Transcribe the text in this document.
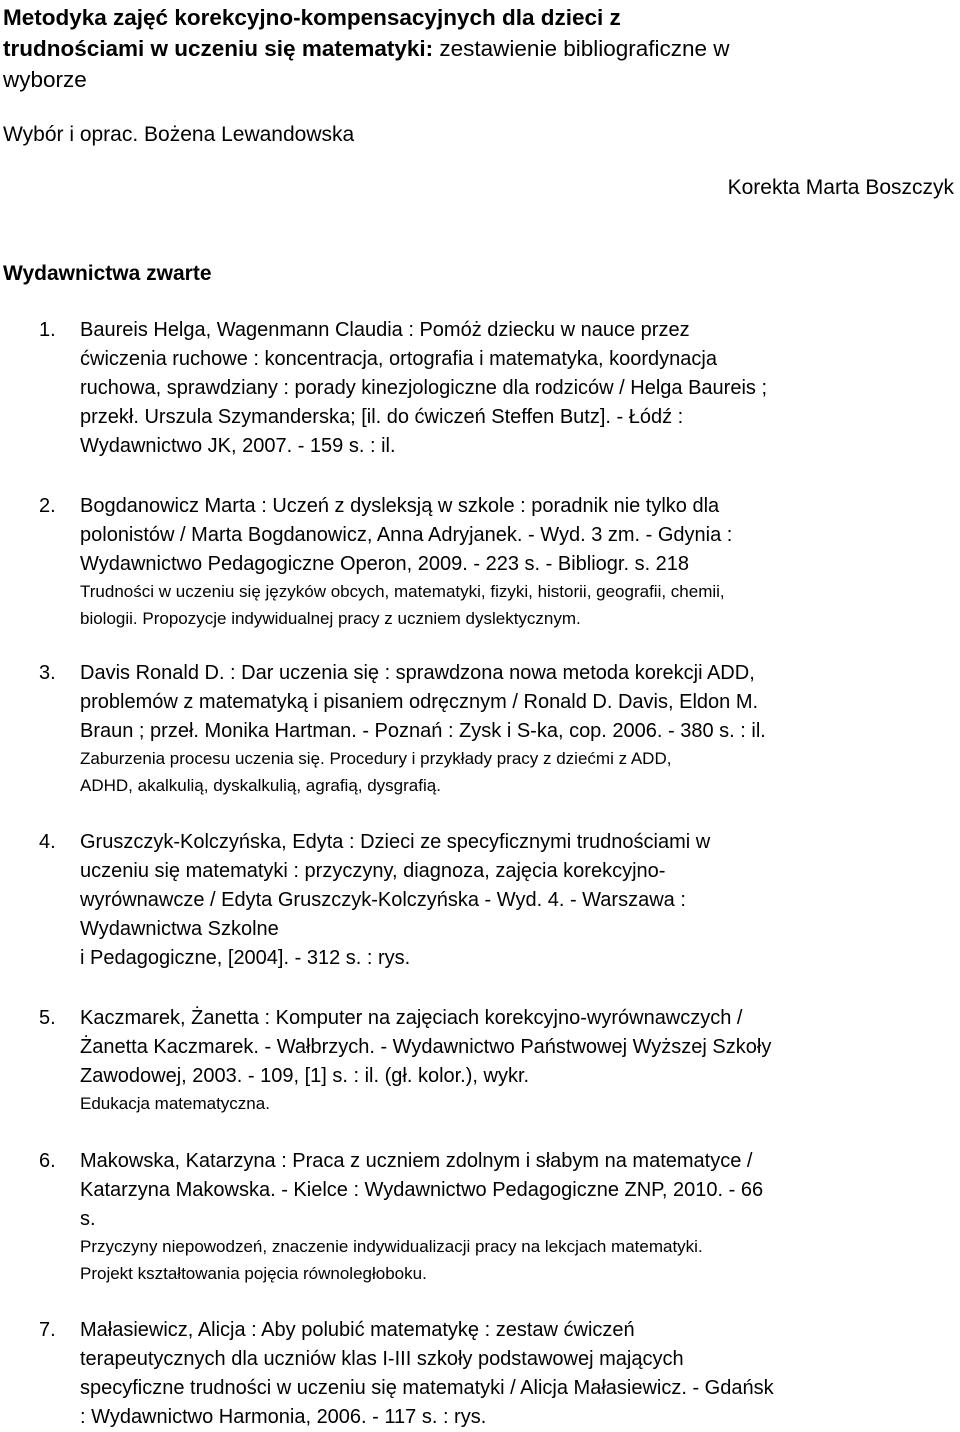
Metodyka zajęć korekcyjno-kompensacyjnych dla dzieci z
trudnościami w uczeniu się matematyki: zestawienie bibliograficzne w
wyborze
Wybór i oprac. Bożena Lewandowska
Korekta Marta Boszczyk
Wydawnictwa zwarte
1. Baureis Helga, Wagenmann Claudia : Pomóż dziecku w nauce przez
ćwiczenia ruchowe : koncentracja, ortografia i matematyka, koordynacja
ruchowa, sprawdziany : porady kinezjologiczne dla rodziców / Helga Baureis ;
przekł. Urszula Szymanderska; [il. do ćwiczeń Steffen Butz]. - Łódź :
Wydawnictwo JK, 2007. - 159 s. : il.
2. Bogdanowicz Marta : Uczeń z dysleksją w szkole : poradnik nie tylko dla
polonistów / Marta Bogdanowicz, Anna Adryjanek. - Wyd. 3 zm. - Gdynia :
Wydawnictwo Pedagogiczne Operon, 2009. - 223 s. - Bibliogr. s. 218
Trudności w uczeniu się języków obcych, matematyki, fizyki, historii, geografii, chemii,
biologii. Propozycje indywidualnej pracy z uczniem dyslektycznym.
3. Davis Ronald D. : Dar uczenia się : sprawdzona nowa metoda korekcji ADD,
problemów z matematyką i pisaniem odręcznym / Ronald D. Davis, Eldon M.
Braun ; przeł. Monika Hartman. - Poznań : Zysk i S-ka, cop. 2006. - 380 s. : il.
Zaburzenia procesu uczenia się. Procedury i przykłady pracy z dziećmi z ADD,
ADHD, akalkulią, dyskalkulią, agrafią, dysgrafią.
4. Gruszczyk-Kolczyńska, Edyta : Dzieci ze specyficznymi trudnościami w
uczeniu się matematyki : przyczyny, diagnoza, zajęcia korekcyjno-
wyrównawcze / Edyta Gruszczyk-Kolczyńska - Wyd. 4. - Warszawa :
Wydawnictwa Szkolne
i Pedagogiczne, [2004]. - 312 s. : rys.
5. Kaczmarek, Żanetta : Komputer na zajęciach korekcyjno-wyrównawczych /
Żanetta Kaczmarek. - Wałbrzych. - Wydawnictwo Państwowej Wyższej Szkoły
Zawodowej, 2003. - 109, [1] s. : il. (gł. kolor.), wykr.
Edukacja matematyczna.
6. Makowska, Katarzyna : Praca z uczniem zdolnym i słabym na matematyce /
Katarzyna Makowska. - Kielce : Wydawnictwo Pedagogiczne ZNP, 2010. - 66
s.
Przyczyny niepowodzeń, znaczenie indywidualizacji pracy na lekcjach matematyki.
Projekt kształtowania pojęcia równoległoboku.
7. Małasiewicz, Alicja : Aby polubić matematykę : zestaw ćwiczeń
terapeutycznych dla uczniów klas I-III szkoły podstawowej mających
specyficzne trudności w uczeniu się matematyki / Alicja Małasiewicz. - Gdańsk
: Wydawnictwo Harmonia, 2006. - 117 s. : rys.
